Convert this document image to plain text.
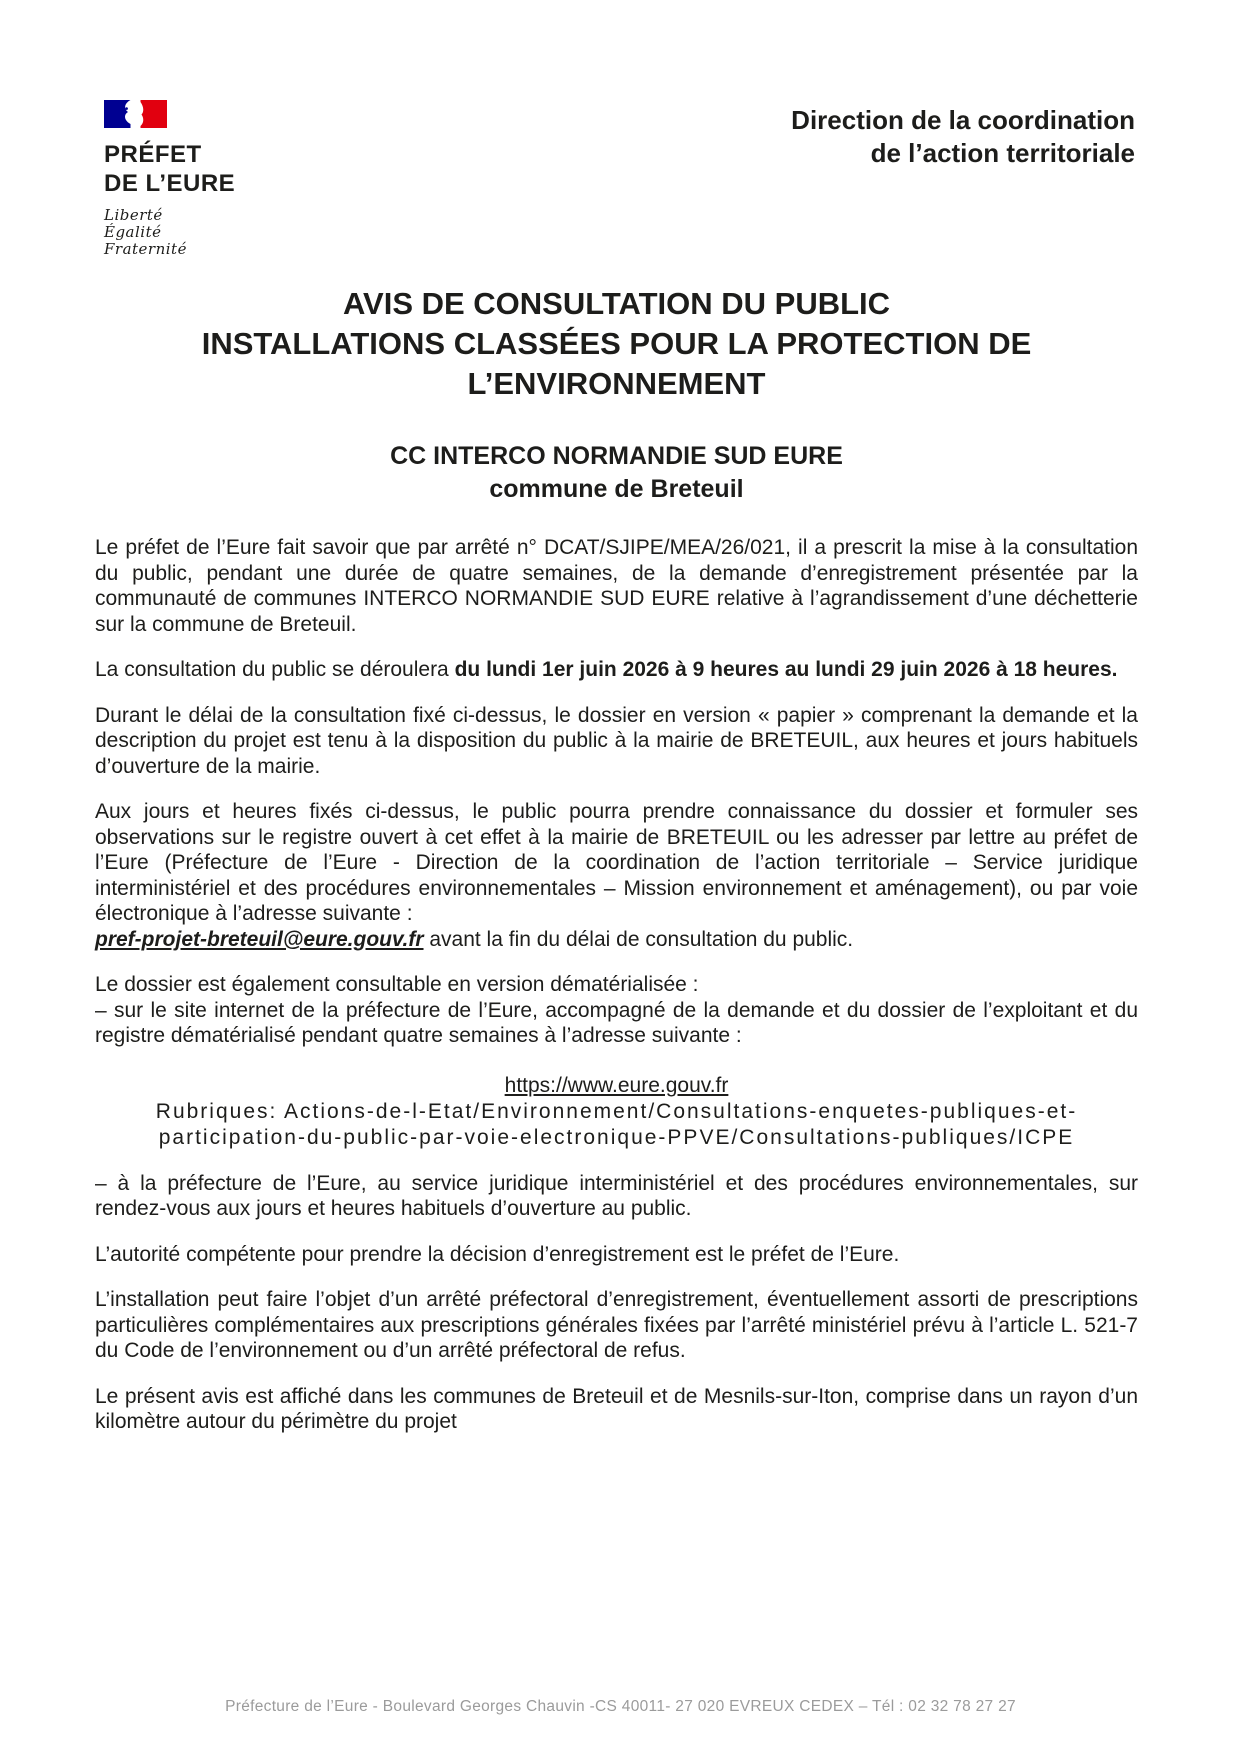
PRÉFET
DE L’EURE
Liberté
Égalité
Fraternité
Direction de la coordination
de l’action territoriale
AVIS DE CONSULTATION DU PUBLIC
INSTALLATIONS CLASSÉES POUR LA PROTECTION DE
L’ENVIRONNEMENT
CC INTERCO NORMANDIE SUD EURE
commune de Breteuil

Le préfet de l’Eure fait savoir que par arrêté n° DCAT/SJIPE/MEA/26/021, il a prescrit la mise à la consultation du public, pendant une durée de quatre semaines, de la demande d’enregistrement présentée par la communauté de communes INTERCO NORMANDIE SUD EURE relative à l’agrandissement d’une déchetterie sur la commune de Breteuil.

La consultation du public se déroulera du lundi 1er juin 2026 à 9 heures au lundi 29 juin 2026 à 18 heures.

Durant le délai de la consultation fixé ci-dessus, le dossier en version « papier » comprenant la demande et la description du projet est tenu à la disposition du public à la mairie de BRETEUIL, aux heures et jours habituels d’ouverture de la mairie.

Aux jours et heures fixés ci-dessus, le public pourra prendre connaissance du dossier et formuler ses observations sur le registre ouvert à cet effet à la mairie de BRETEUIL ou les adresser par lettre au préfet de l’Eure (Préfecture de l’Eure - Direction de la coordination de l’action territoriale – Service juridique interministériel et des procédures environnementales – Mission environnement et aménagement), ou par voie électronique à l’adresse suivante :
pref-projet-breteuil@eure.gouv.fr avant la fin du délai de consultation du public.

Le dossier est également consultable en version dématérialisée :
– sur le site internet de la préfecture de l’Eure, accompagné de la demande et du dossier de l’exploitant et du registre dématérialisé pendant quatre semaines à l’adresse suivante :

https://www.eure.gouv.fr
Rubriques: Actions-de-l-Etat/Environnement/Consultations-enquetes-publiques-et-
participation-du-public-par-voie-electronique-PPVE/Consultations-publiques/ICPE

– à la préfecture de l’Eure, au service juridique interministériel et des procédures environnementales, sur rendez-vous aux jours et heures habituels d’ouverture au public.

L’autorité compétente pour prendre la décision d’enregistrement est le préfet de l’Eure.

L’installation peut faire l’objet d’un arrêté préfectoral d’enregistrement, éventuellement assorti de prescriptions particulières complémentaires aux prescriptions générales fixées par l’arrêté ministériel prévu à l’article L. 521-7 du Code de l’environnement ou d’un arrêté préfectoral de refus.

Le présent avis est affiché dans les communes de Breteuil et de Mesnils-sur-Iton, comprise dans un rayon d’un kilomètre autour du périmètre du projet

Préfecture de l’Eure - Boulevard Georges Chauvin -CS 40011- 27 020 EVREUX CEDEX – Tél : 02 32 78 27 27
